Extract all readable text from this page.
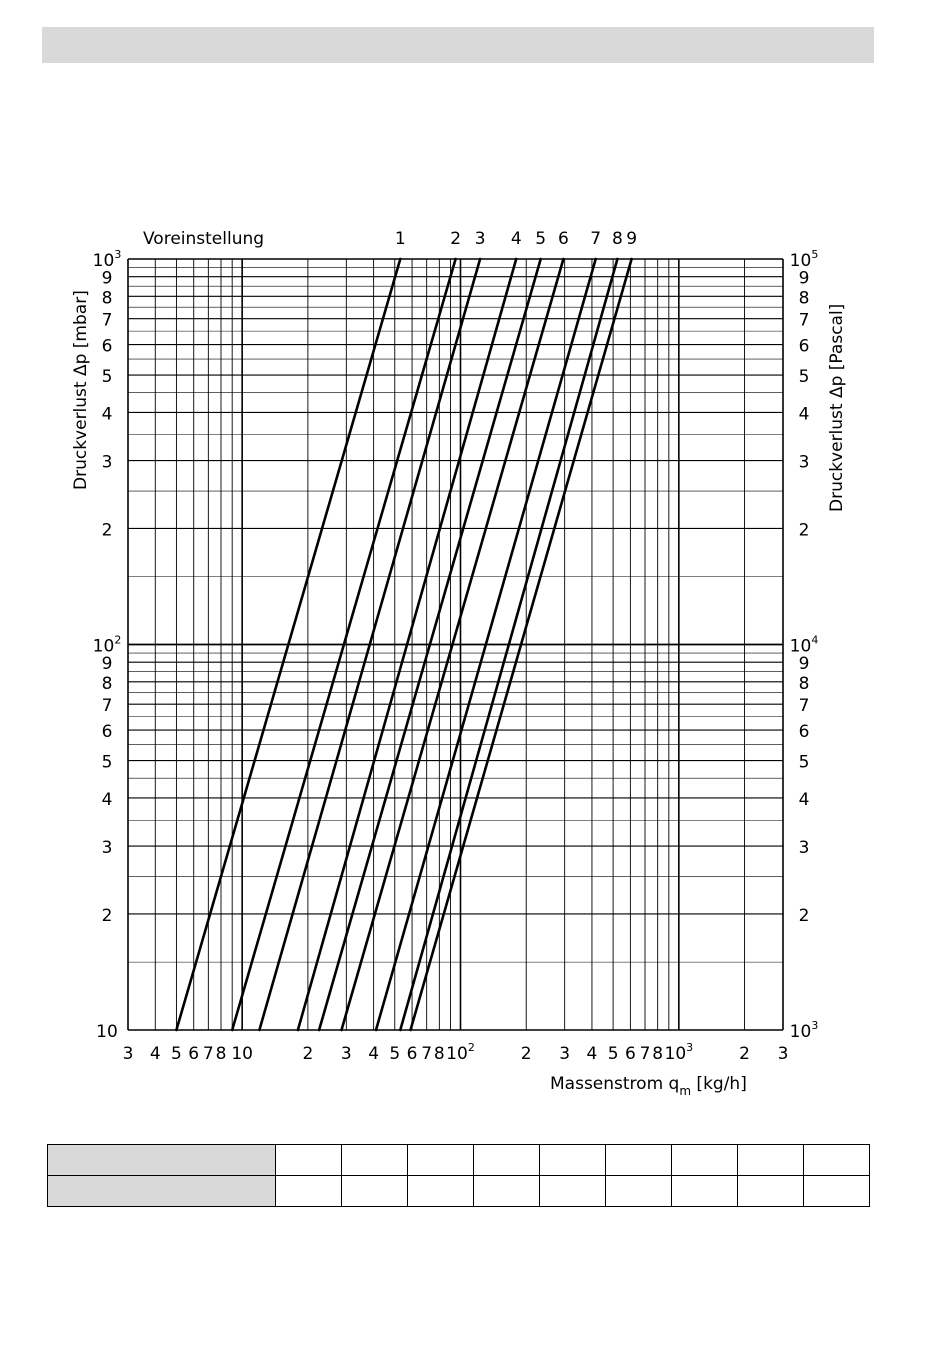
1	2 3 4 5 6 7 8 9
3 4 5 6 7 8 10	2 3 4 5 6 7 8 $10^2$	2 3 4 5 6 7 8 $10^3$	2 3
10
2
3
4
5
6
7
8
9
$10^2$
2
3
4
5
6
7
8
9
$10^3$
$10^3$
2
3
4
5
6
7
8
9
$10^4$
2
3
4
5
6
7
8
9
$10^5$
Voreinstellung
Massenstrom $q_m$ [kg/h]
Druckverlust Δp [mbar]	Druckverlust Δp [Pascal]
